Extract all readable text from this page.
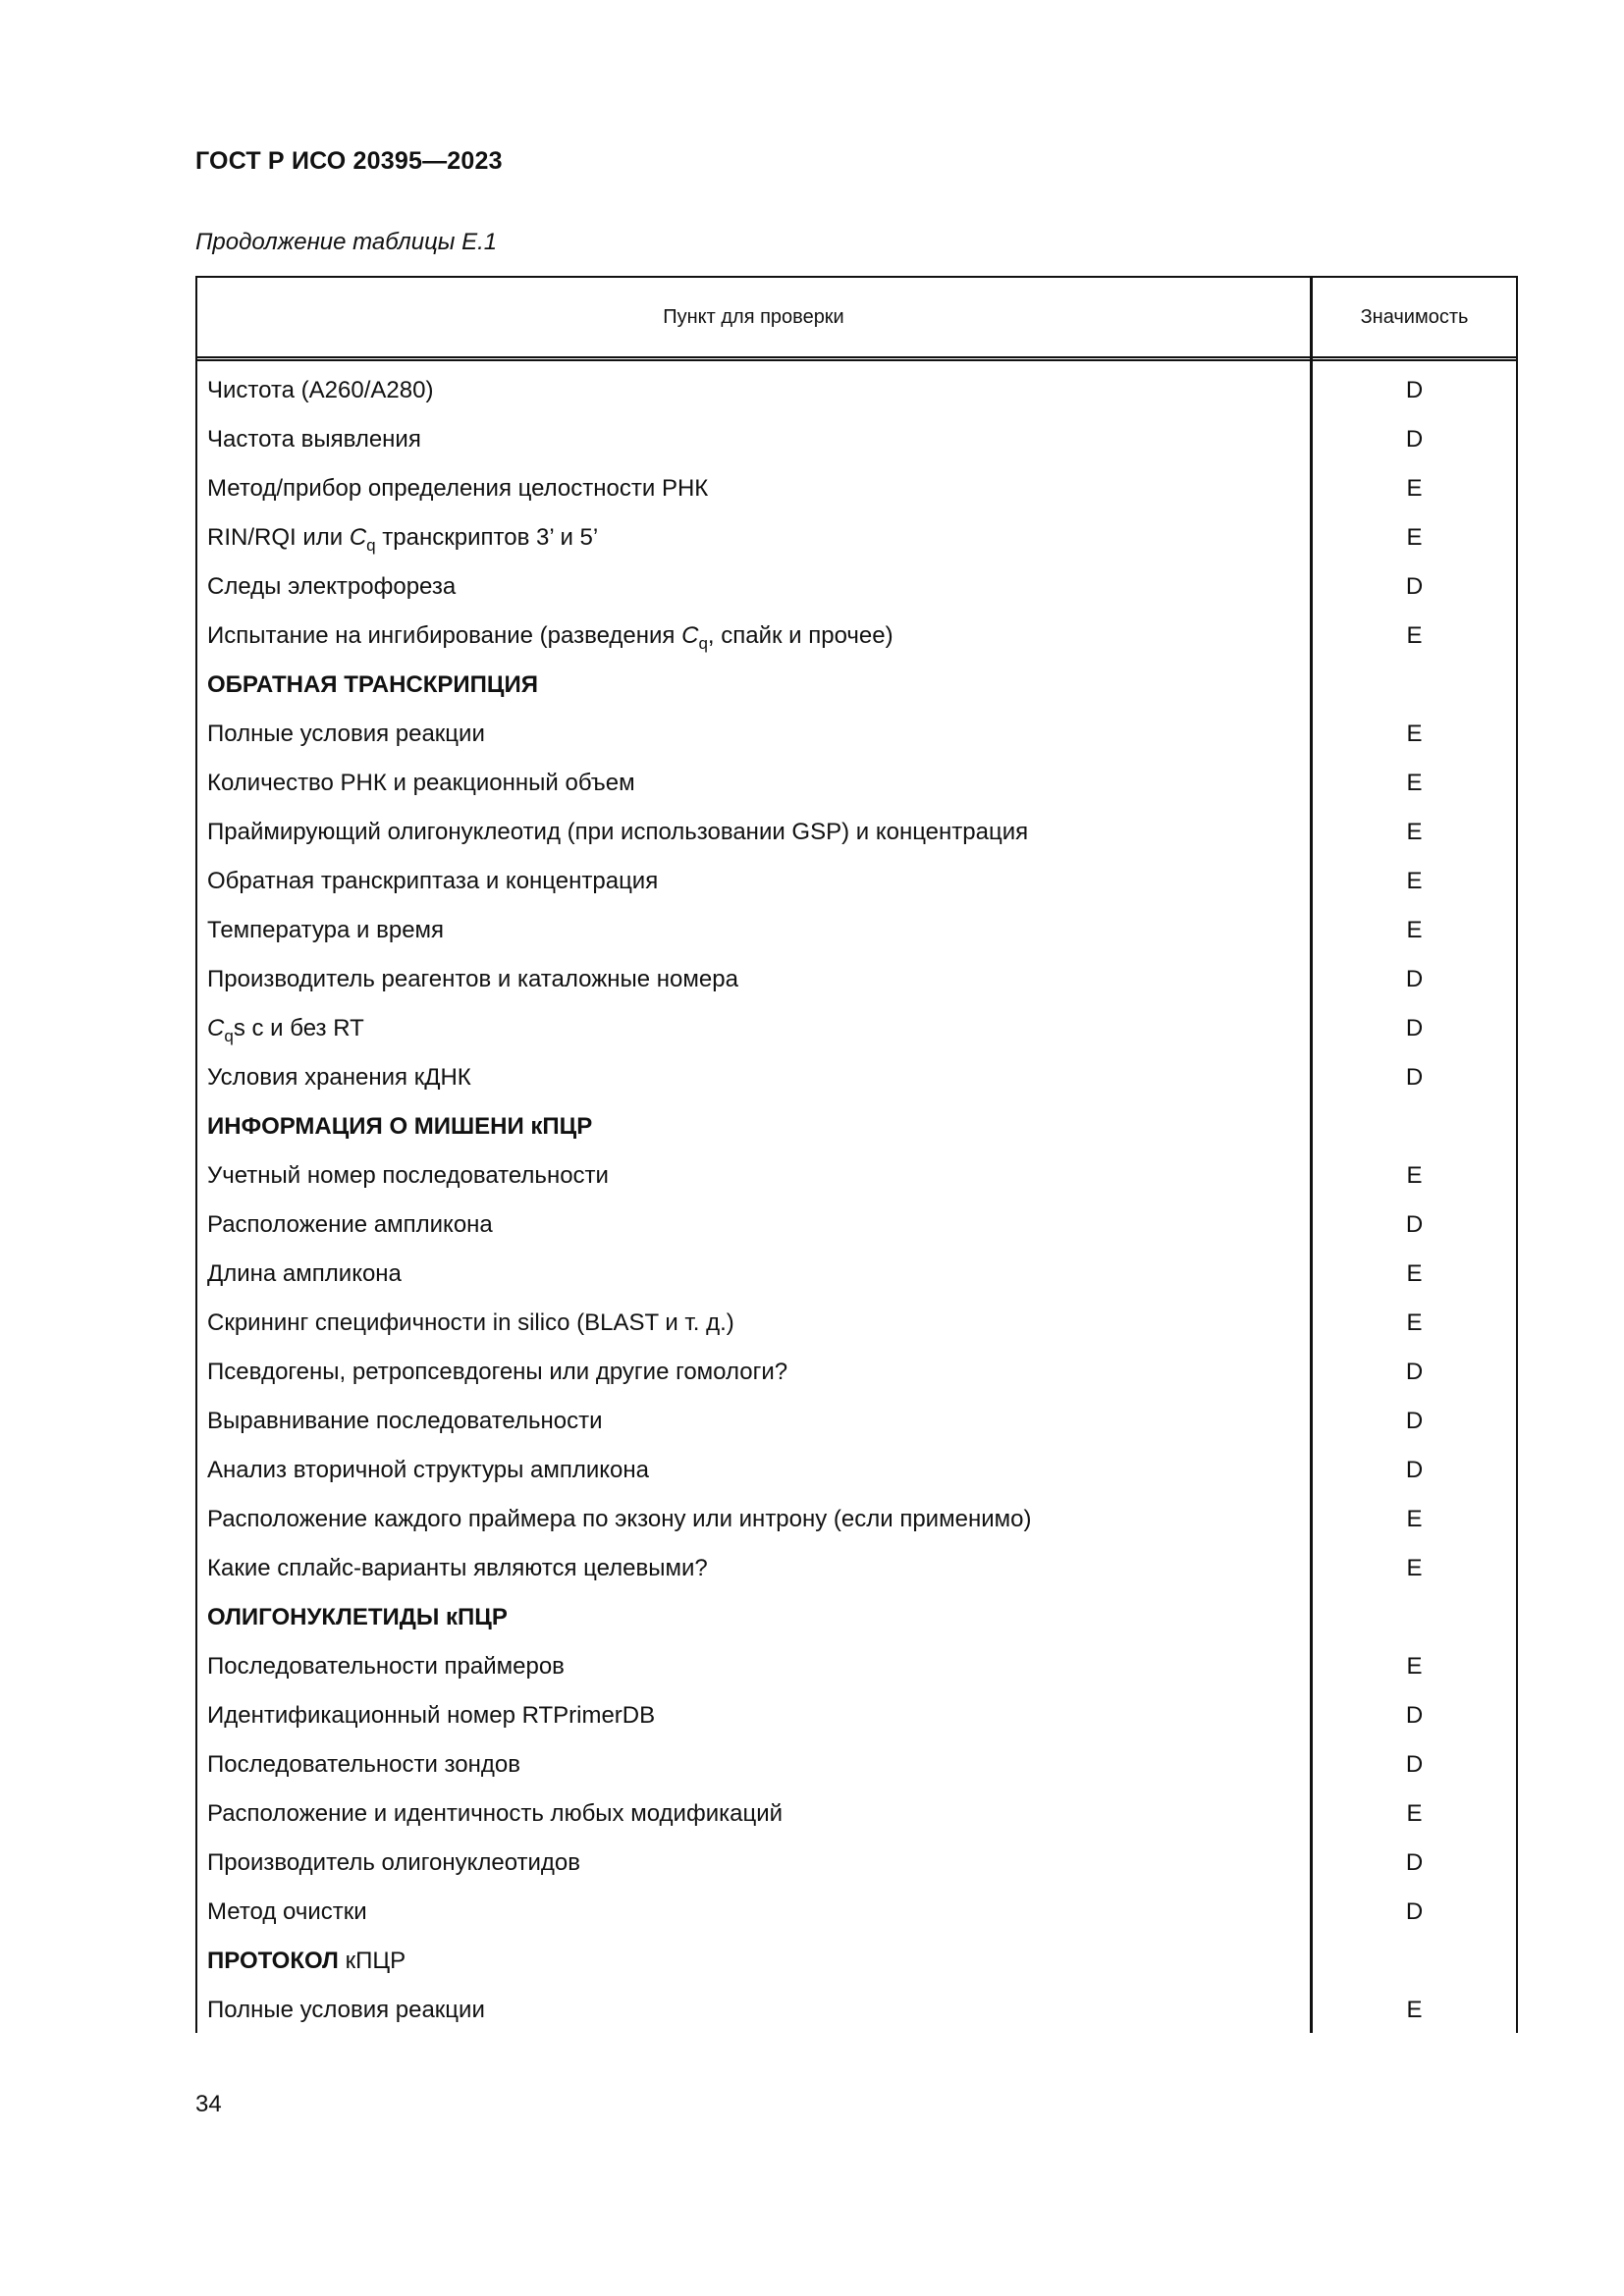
ГОСТ Р ИСО 20395—2023
Продолжение таблицы Е.1
Пункт для проверки	Значимость
Чистота (А260/А280)	D
Частота выявления	D
Метод/прибор определения целостности РНК	E
RIN/RQI или $C_q$ транскриптов 3’ и 5’	E
Следы электрофореза	D
Испытание на ингибирование (разведения $C_q$, спайк и прочее)	E
ОБРАТНАЯ ТРАНСКРИПЦИЯ
Полные условия реакции	E
Количество РНК и реакционный объем	E
Праймирующий олигонуклеотид (при использовании GSP) и концентрация	E
Обратная транскриптаза и концентрация	E
Температура и время	E
Производитель реагентов и каталожные номера	D
$C_qs$ с и без RT	D
Условия хранения кДНК	D
ИНФОРМАЦИЯ О МИШЕНИ кПЦР
Учетный номер последовательности	E
Расположение ампликона	D
Длина ампликона	E
Скрининг специфичности in silico (BLAST и т. д.)	E
Псевдогены, ретропсевдогены или другие гомологи?	D
Выравнивание последовательности	D
Анализ вторичной структуры ампликона	D
Расположение каждого праймера по экзону или интрону (если применимо)	E
Какие сплайс-варианты являются целевыми?	E
ОЛИГОНУКЛЕТИДЫ кПЦР
Последовательности праймеров	E
Идентификационный номер RTPrimerDB	D
Последовательности зондов	D
Расположение и идентичность любых модификаций	E
Производитель олигонуклеотидов	D
Метод очистки	D
ПРОТОКОЛ кПЦР
Полные условия реакции	E
34
